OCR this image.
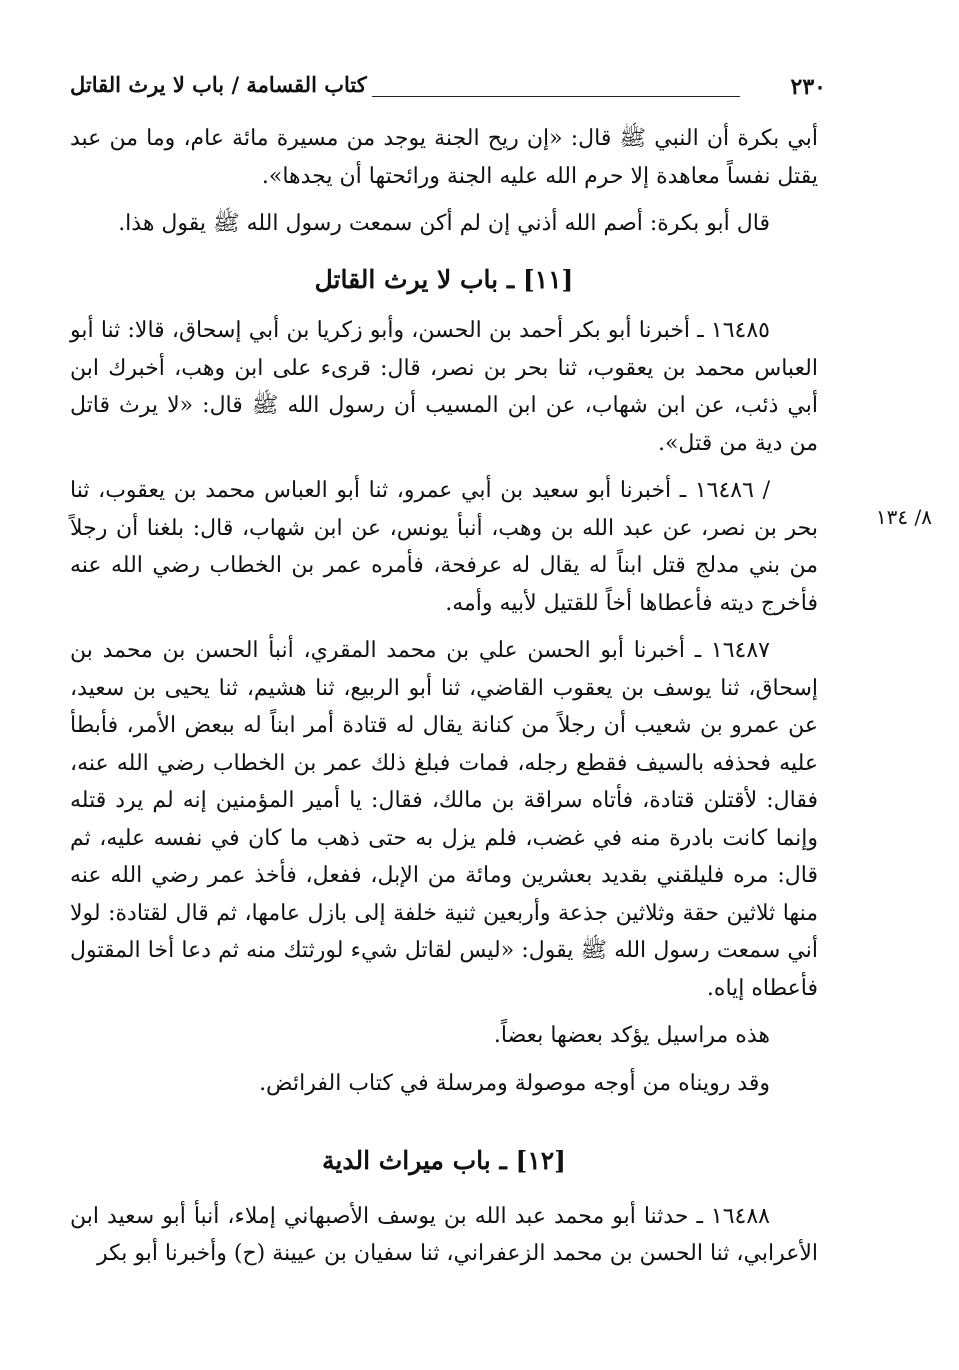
٢٣٠
كتاب القسامة / باب لا يرث القاتل
٨/ ١٣٤

أبي بكرة أن النبي ﷺ قال: «إن ريح الجنة يوجد من مسيرة مائة عام، وما من عبد يقتل نفساً معاهدة إلا حرم الله عليه الجنة ورائحتها أن يجدها».

قال أبو بكرة: أصم الله أذني إن لم أكن سمعت رسول الله ﷺ يقول هذا.

[١١] ـ باب لا يرث القاتل

١٦٤٨٥ ـ أخبرنا أبو بكر أحمد بن الحسن، وأبو زكريا بن أبي إسحاق، قالا: ثنا أبو العباس محمد بن يعقوب، ثنا بحر بن نصر، قال: قرىء على ابن وهب، أخبرك ابن أبي ذئب، عن ابن شهاب، عن ابن المسيب أن رسول الله ﷺ قال: «لا يرث قاتل من دية من قتل».

/ ١٦٤٨٦ ـ أخبرنا أبو سعيد بن أبي عمرو، ثنا أبو العباس محمد بن يعقوب، ثنا بحر بن نصر، عن عبد الله بن وهب، أنبأ يونس، عن ابن شهاب، قال: بلغنا أن رجلاً من بني مدلج قتل ابناً له يقال له عرفحة، فأمره عمر بن الخطاب رضي الله عنه فأخرج ديته فأعطاها أخاً للقتيل لأبيه وأمه.

١٦٤٨٧ ـ أخبرنا أبو الحسن علي بن محمد المقري، أنبأ الحسن بن محمد بن إسحاق، ثنا يوسف بن يعقوب القاضي، ثنا أبو الربيع، ثنا هشيم، ثنا يحيى بن سعيد، عن عمرو بن شعيب أن رجلاً من كنانة يقال له قتادة أمر ابناً له ببعض الأمر، فأبطأ عليه فحذفه بالسيف فقطع رجله، فمات فبلغ ذلك عمر بن الخطاب رضي الله عنه، فقال: لأقتلن قتادة، فأتاه سراقة بن مالك، فقال: يا أمير المؤمنين إنه لم يرد قتله وإنما كانت بادرة منه في غضب، فلم يزل به حتى ذهب ما كان في نفسه عليه، ثم قال: مره فليلقني بقديد بعشرين ومائة من الإبل، ففعل، فأخذ عمر رضي الله عنه منها ثلاثين حقة وثلاثين جذعة وأربعين ثنية خلفة إلى بازل عامها، ثم قال لقتادة: لولا أني سمعت رسول الله ﷺ يقول: «ليس لقاتل شيء لورثتك منه ثم دعا أخا المقتول فأعطاه إياه.

هذه مراسيل يؤكد بعضها بعضاً.

وقد رويناه من أوجه موصولة ومرسلة في كتاب الفرائض.

[١٢] ـ باب ميراث الدية

١٦٤٨٨ ـ حدثنا أبو محمد عبد الله بن يوسف الأصبهاني إملاء، أنبأ أبو سعيد ابن الأعرابي، ثنا الحسن بن محمد الزعفراني، ثنا سفيان بن عيينة (ح) وأخبرنا أبو بكر
